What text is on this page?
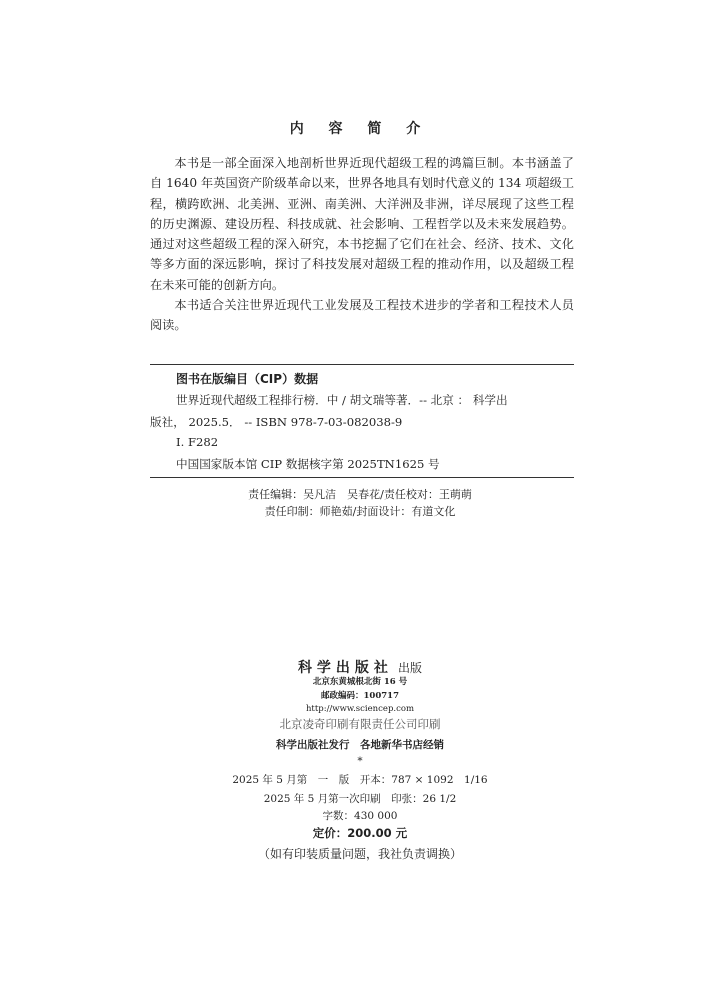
内 容 简 介

本书是一部全面深入地剖析世界近现代超级工程的鸿篇巨制。本书涵盖了自 1640 年英国资产阶级革命以来，世界各地具有划时代意义的 134 项超级工程，横跨欧洲、北美洲、亚洲、南美洲、大洋洲及非洲，详尽展现了这些工程的历史渊源、建设历程、科技成就、社会影响、工程哲学以及未来发展趋势。通过对这些超级工程的深入研究，本书挖掘了它们在社会、经济、技术、文化等多方面的深远影响，探讨了科技发展对超级工程的推动作用，以及超级工程在未来可能的创新方向。

本书适合关注世界近现代工业发展及工程技术进步的学者和工程技术人员阅读。

图书在版编目（CIP）数据
世界近现代超级工程排行榜．中 / 胡文瑞等著．-- 北京 ： 科学出
版社， 2025.5． -- ISBN 978-7-03-082038-9
Ⅰ. F282
中国国家版本馆 CIP 数据核字第 2025TN1625 号
责任编辑：吴凡洁　吴春花/责任校对：王萌萌
责任印制：师艳茹/封面设计：有道文化
科学出版社 出版
北京东黄城根北街 16 号
邮政编码：100717
http://www.sciencep.com
北京凌奇印刷有限责任公司印刷
科学出版社发行　各地新华书店经销
*
2025 年 5 月第　一　版　开本：787 × 1092　1/16
2025 年 5 月第一次印刷　印张：26 1/2
字数：430 000
定价：200.00 元
（如有印装质量问题，我社负责调换）
